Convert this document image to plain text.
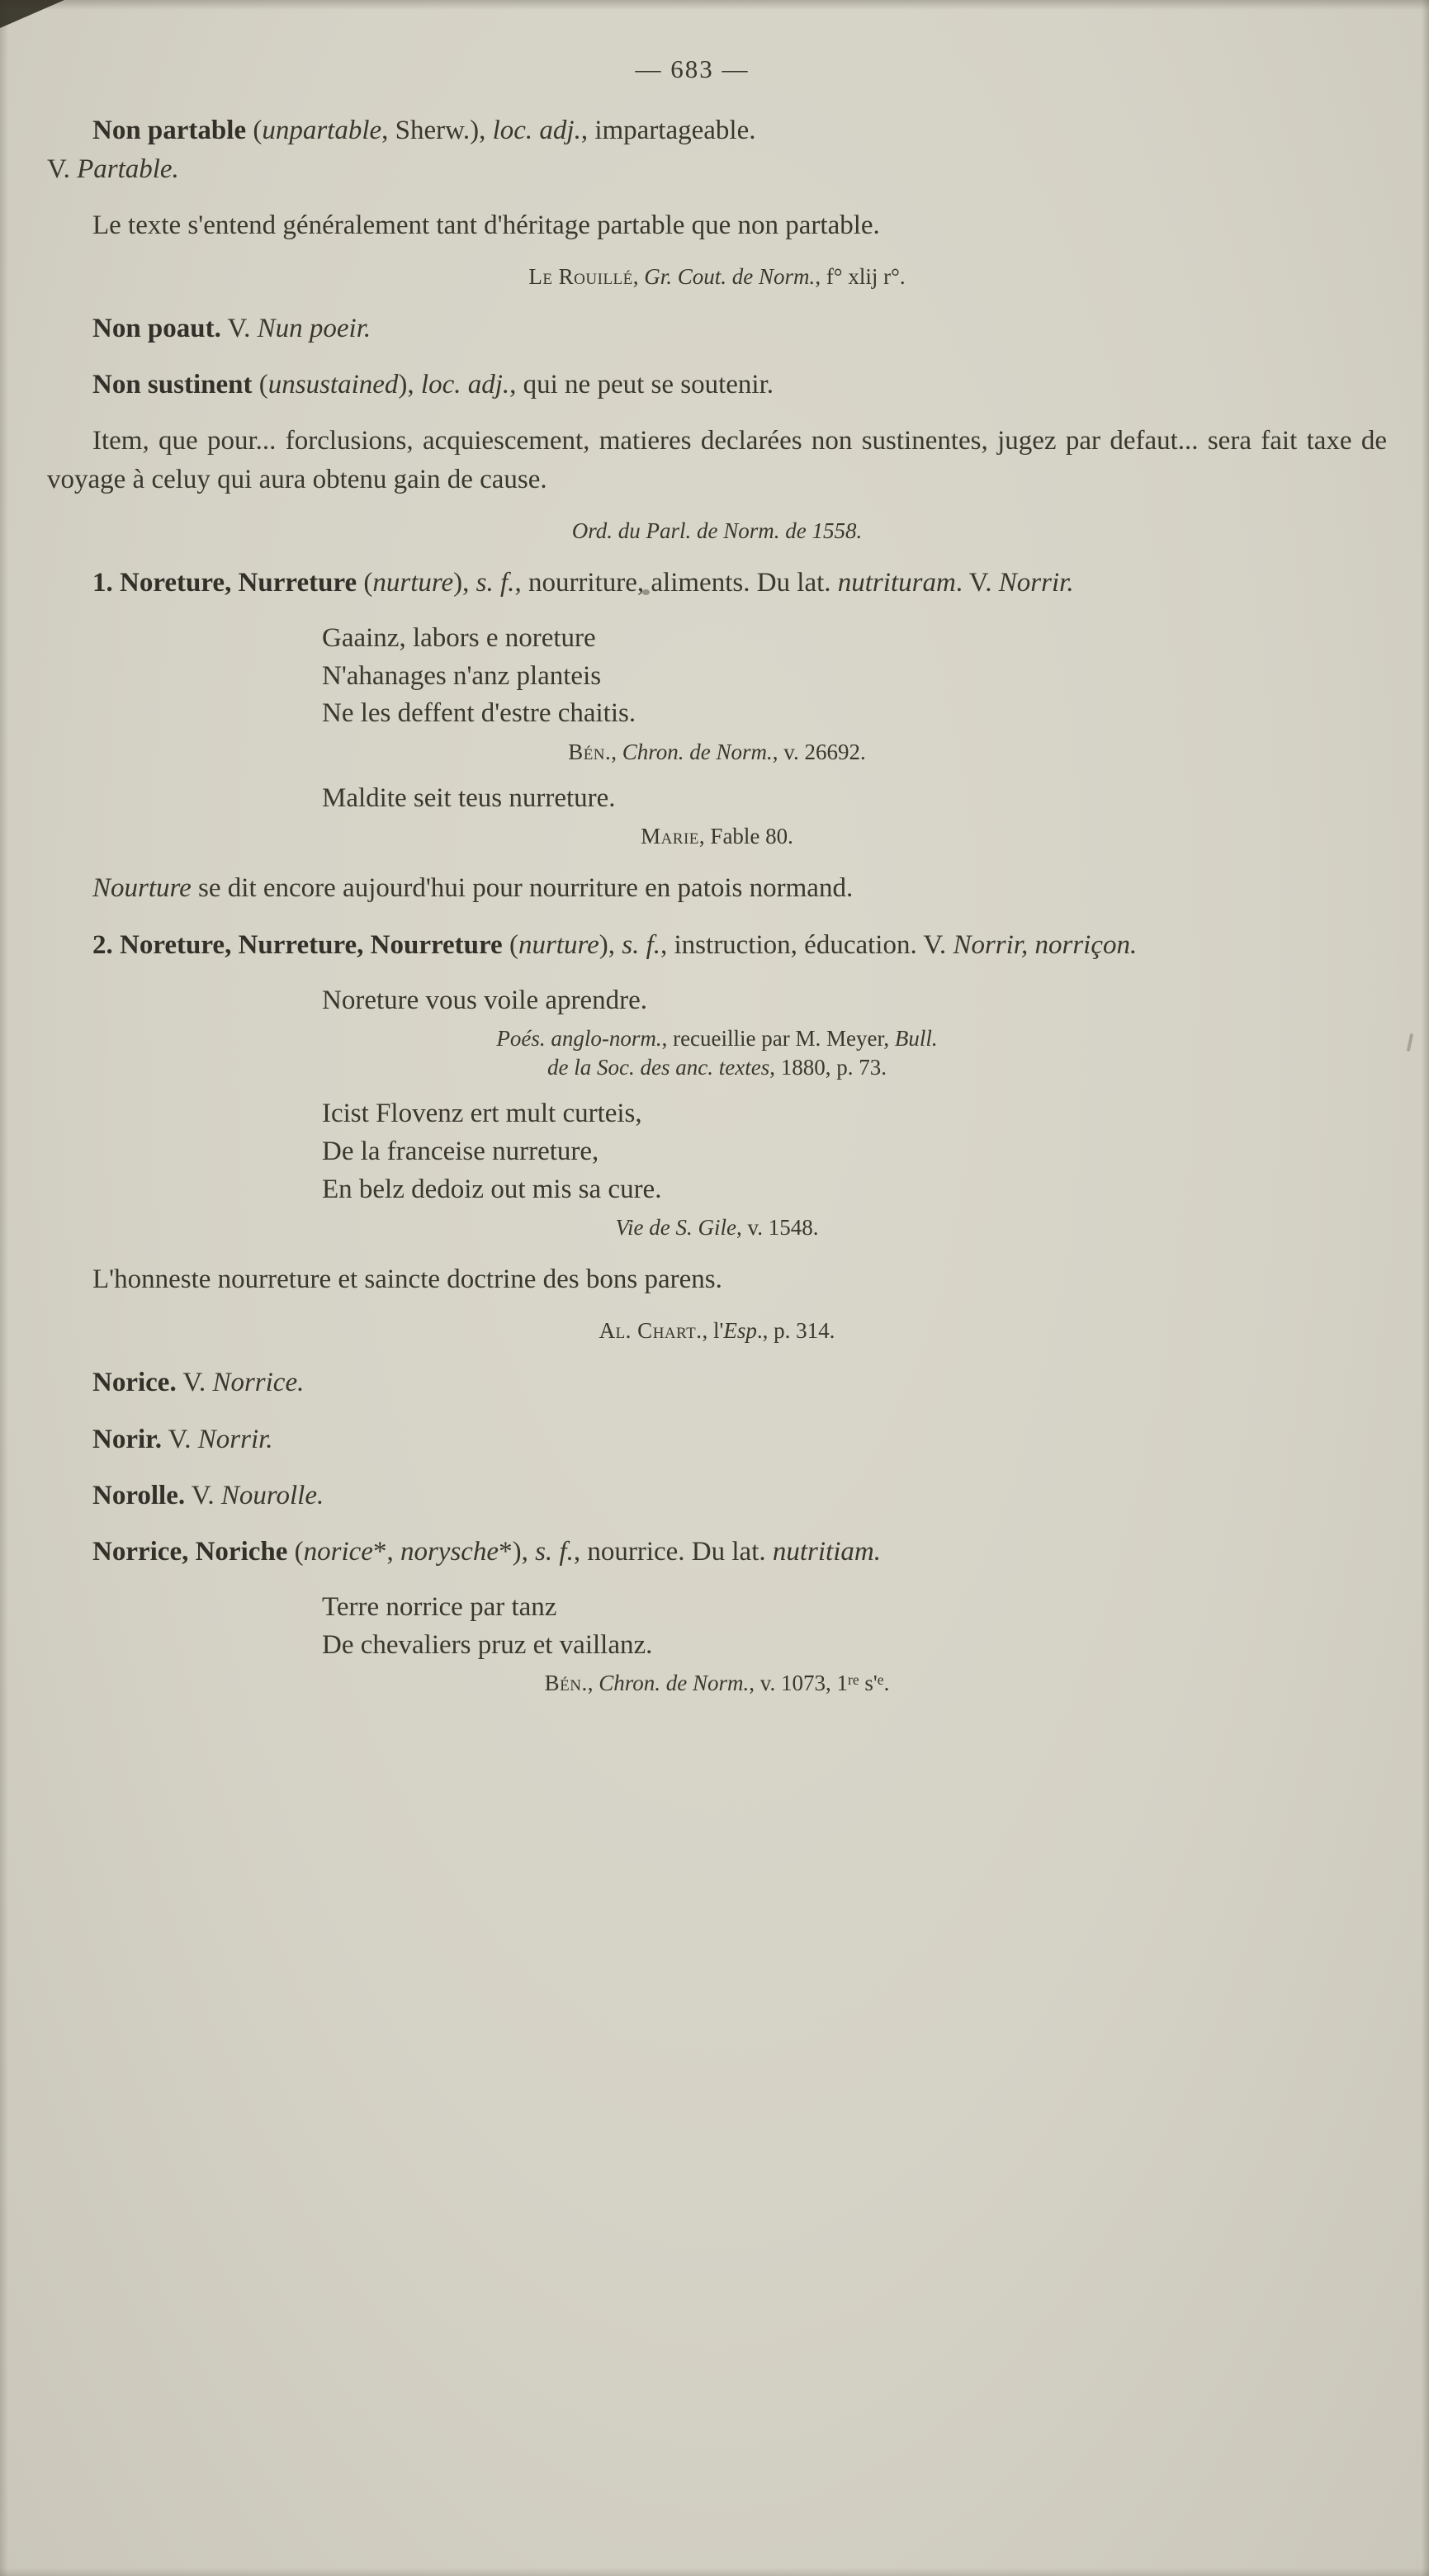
— 683 —

Non partable (unpartable, Sherw.), loc. adj., impartageable.
V. Partable.

Le texte s'entend généralement tant d'héritage partable que non partable.

Le Rouillé, Gr. Cout. de Norm., f° xlij r°.

Non poaut. V. Nun poeir.

Non sustinent (unsustained), loc. adj., qui ne peut se soutenir.

Item, que pour... forclusions, acquiescement, matieres declarées non sustinentes, jugez par defaut... sera fait taxe de voyage à celuy qui aura obtenu gain de cause.

Ord. du Parl. de Norm. de 1558.

1. Noreture, Nurreture (nurture), s. f., nourriture, aliments. Du lat. nutrituram. V. Norrir.

Gaainz, labors e noreture
N'ahanages n'anz planteis
Ne les deffent d'estre chaitis.
Bén., Chron. de Norm., v. 26692.
Maldite seit teus nurreture.
Marie, Fable 80.

Nourture se dit encore aujourd'hui pour nourriture en patois normand.

2. Noreture, Nurreture, Nourreture (nurture), s. f., instruction, éducation. V. Norrir, norriçon.

Noreture vous voile aprendre.
Poés. anglo-norm., recueillie par M. Meyer, Bull.
de la Soc. des anc. textes, 1880, p. 73.
Icist Flovenz ert mult curteis,
De la franceise nurreture,
En belz dedoiz out mis sa cure.
Vie de S. Gile, v. 1548.

L'honneste nourreture et saincte doctrine des bons parens.

Al. Chart., l'Esp., p. 314.

Norice. V. Norrice.

Norir. V. Norrir.

Norolle. V. Nourolle.

Norrice, Noriche (norice*, norysche*), s. f., nourrice. Du lat. nutritiam.

Terre norrice par tanz
De chevaliers pruz et vaillanz.
Bén., Chron. de Norm., v. 1073, 1re $s'^e$.
